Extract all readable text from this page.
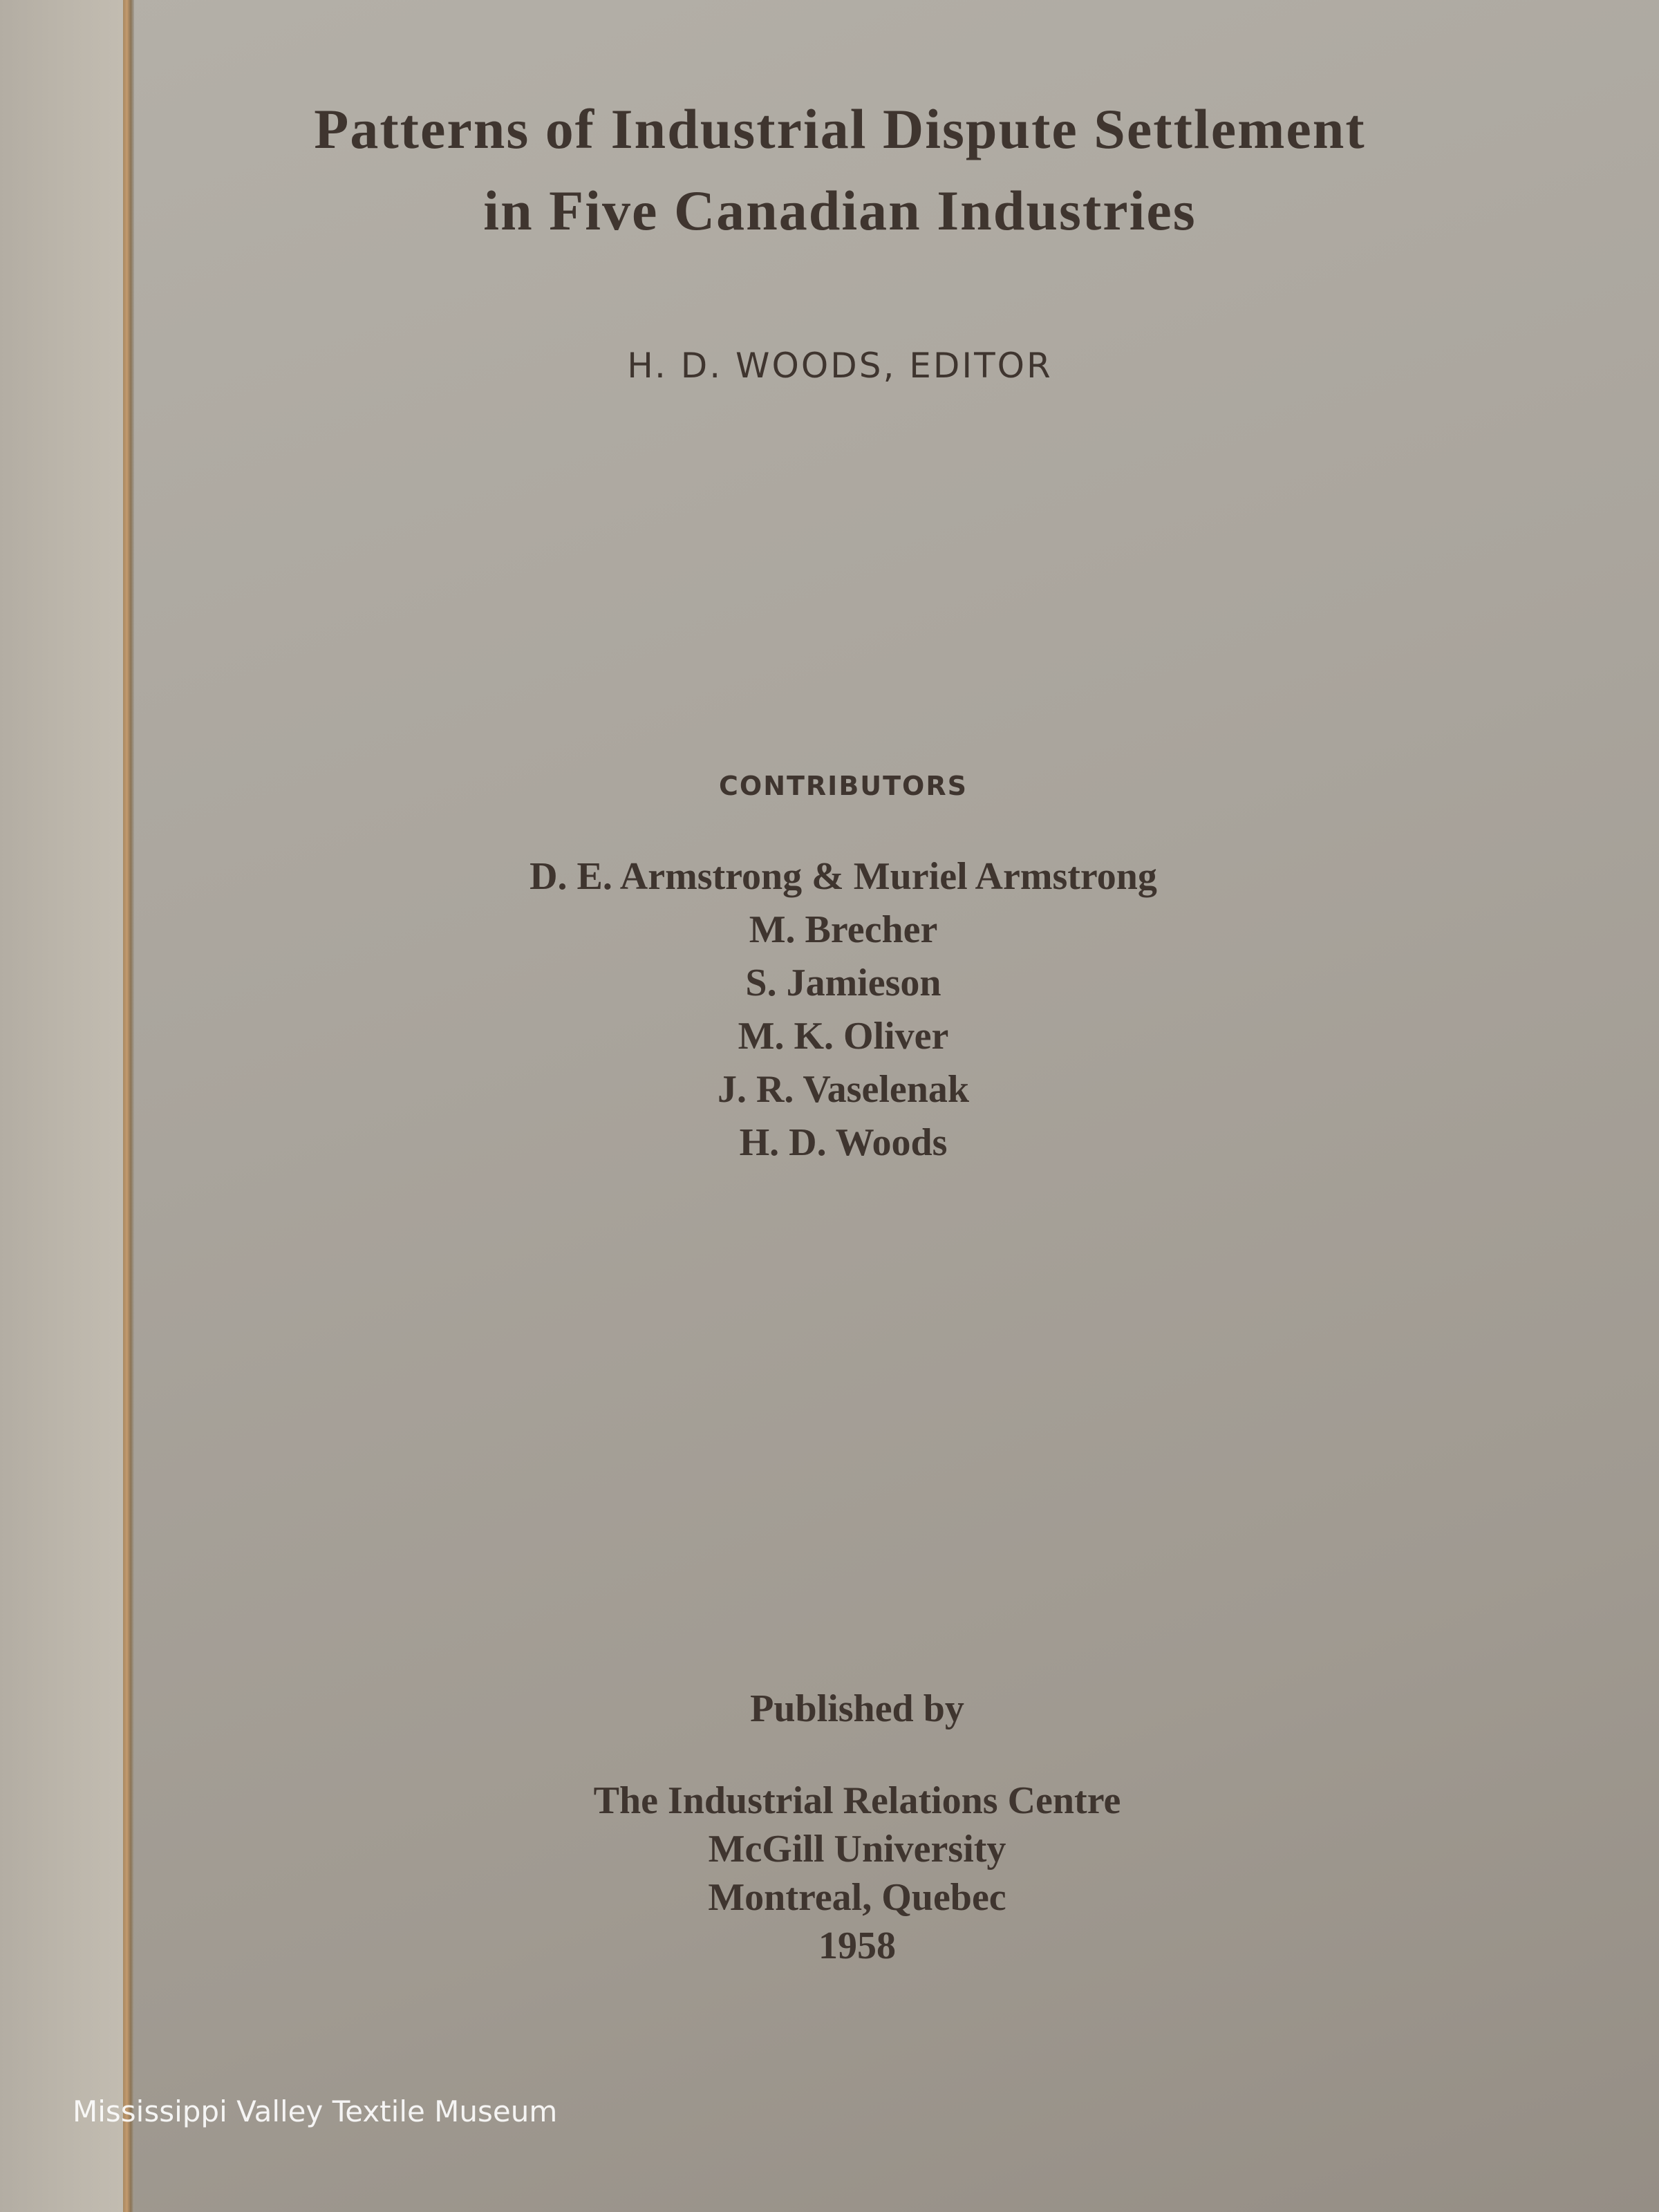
Patterns of Industrial Dispute Settlement
in Five Canadian Industries
H. D. WOODS, EDITOR
CONTRIBUTORS
D. E. Armstrong & Muriel Armstrong
M. Brecher
S. Jamieson
M. K. Oliver
J. R. Vaselenak
H. D. Woods
Published by
The Industrial Relations Centre
McGill University
Montreal, Quebec
1958
Mississippi Valley Textile Museum
